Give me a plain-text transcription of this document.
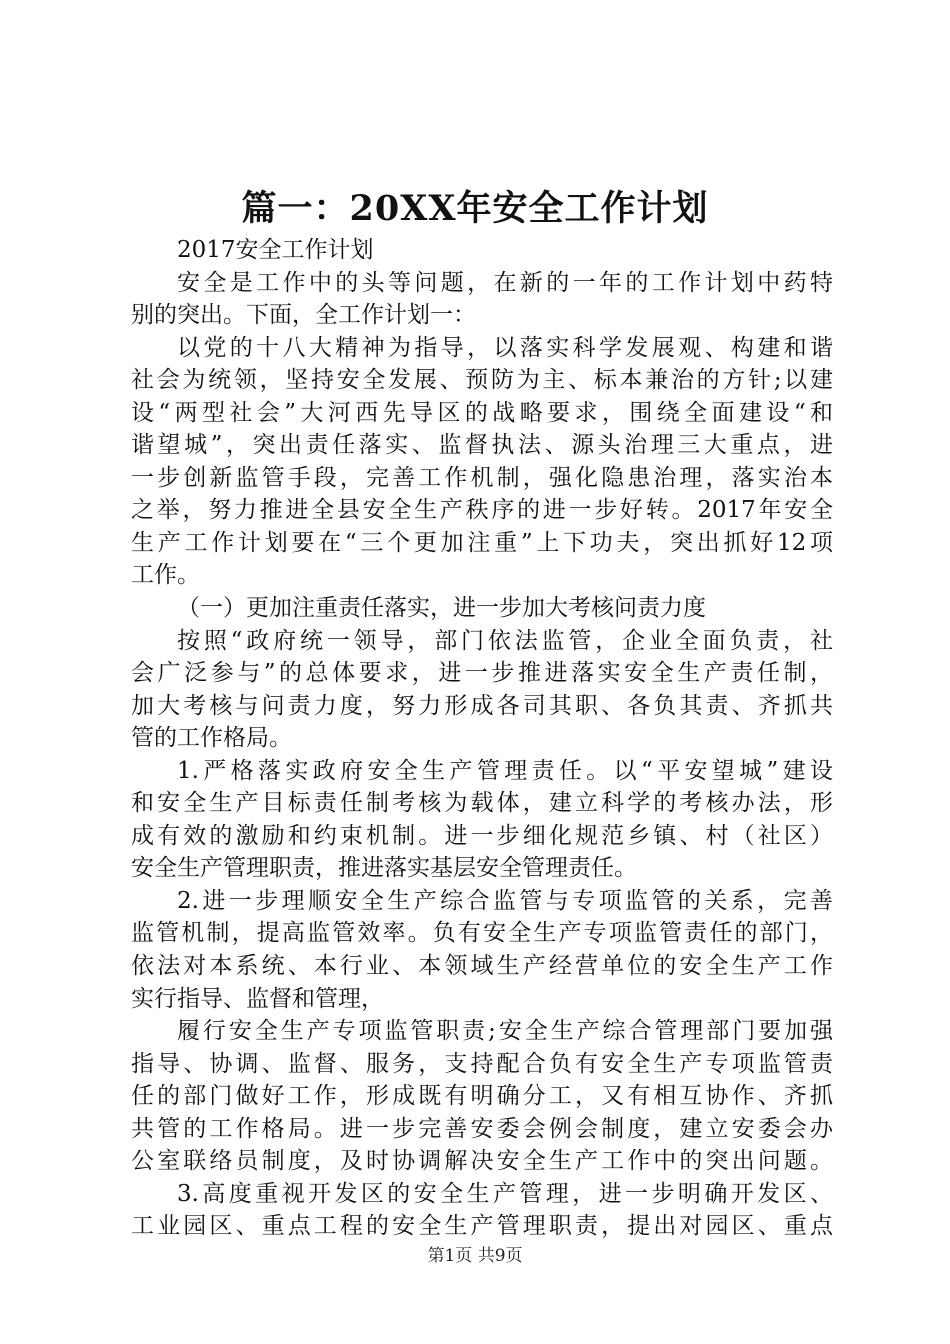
篇一：20XX年安全工作计划
2017安全工作计划
安全是工作中的头等问题，在新的一年的工作计划中药特
别的突出。下面，全工作计划一：
以党的十八大精神为指导，以落实科学发展观、构建和谐
社会为统领，坚持安全发展、预防为主、标本兼治的方针;以建
设“两型社会”大河西先导区的战略要求，围绕全面建设“和
谐望城”，突出责任落实、监督执法、源头治理三大重点，进
一步创新监管手段，完善工作机制，强化隐患治理，落实治本
之举，努力推进全县安全生产秩序的进一步好转。2017年安全
生产工作计划要在“三个更加注重”上下功夫，突出抓好12项
工作。
（一）更加注重责任落实，进一步加大考核问责力度
按照“政府统一领导，部门依法监管，企业全面负责，社
会广泛参与”的总体要求，进一步推进落实安全生产责任制，
加大考核与问责力度，努力形成各司其职、各负其责、齐抓共
管的工作格局。
1.严格落实政府安全生产管理责任。以“平安望城”建设
和安全生产目标责任制考核为载体，建立科学的考核办法，形
成有效的激励和约束机制。进一步细化规范乡镇、村（社区）
安全生产管理职责，推进落实基层安全管理责任。
2.进一步理顺安全生产综合监管与专项监管的关系，完善
监管机制，提高监管效率。负有安全生产专项监管责任的部门，
依法对本系统、本行业、本领域生产经营单位的安全生产工作
实行指导、监督和管理，
履行安全生产专项监管职责;安全生产综合管理部门要加强
指导、协调、监督、服务，支持配合负有安全生产专项监管责
任的部门做好工作，形成既有明确分工，又有相互协作、齐抓
共管的工作格局。进一步完善安委会例会制度，建立安委会办
公室联络员制度，及时协调解决安全生产工作中的突出问题。
3.高度重视开发区的安全生产管理，进一步明确开发区、
工业园区、重点工程的安全生产管理职责，提出对园区、重点
第1页 共9页
